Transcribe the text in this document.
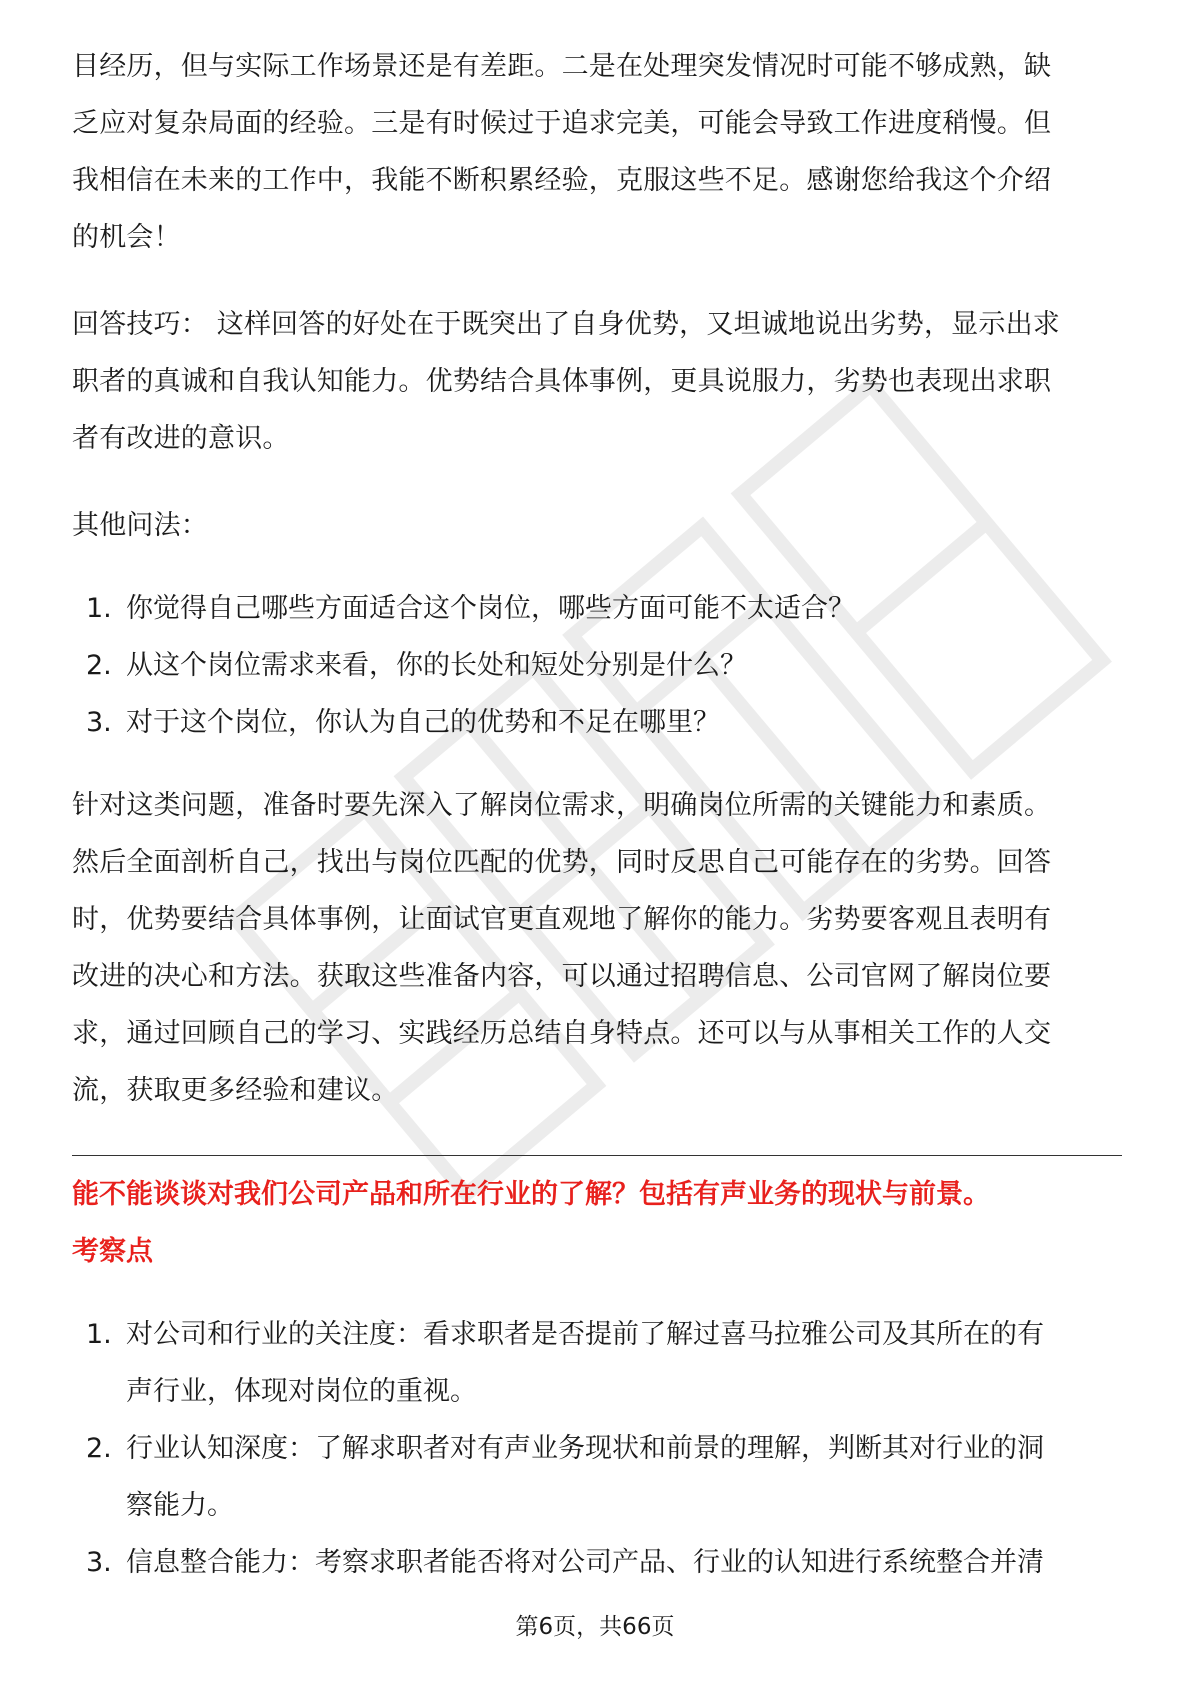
目经历，但与实际工作场景还是有差距。二是在处理突发情况时可能不够成熟，缺
乏应对复杂局面的经验。三是有时候过于追求完美，可能会导致工作进度稍慢。但
我相信在未来的工作中，我能不断积累经验，克服这些不足。感谢您给我这个介绍
的机会！

回答技巧： 这样回答的好处在于既突出了自身优势，又坦诚地说出劣势，显示出求
职者的真诚和自我认知能力。优势结合具体事例，更具说服力，劣势也表现出求职
者有改进的意识。

其他问法：

1. 你觉得自己哪些方面适合这个岗位，哪些方面可能不太适合？
2. 从这个岗位需求来看，你的长处和短处分别是什么？
3. 对于这个岗位，你认为自己的优势和不足在哪里？

针对这类问题，准备时要先深入了解岗位需求，明确岗位所需的关键能力和素质。
然后全面剖析自己，找出与岗位匹配的优势，同时反思自己可能存在的劣势。回答
时，优势要结合具体事例，让面试官更直观地了解你的能力。劣势要客观且表明有
改进的决心和方法。获取这些准备内容，可以通过招聘信息、公司官网了解岗位要
求，通过回顾自己的学习、实践经历总结自身特点。还可以与从事相关工作的人交
流，获取更多经验和建议。

能不能谈谈对我们公司产品和所在行业的了解？包括有声业务的现状与前景。

考察点

1. 对公司和行业的关注度：看求职者是否提前了解过喜马拉雅公司及其所在的有
声行业，体现对岗位的重视。
2. 行业认知深度：了解求职者对有声业务现状和前景的理解，判断其对行业的洞
察能力。
3. 信息整合能力：考察求职者能否将对公司产品、行业的认知进行系统整合并清
第6页，共66页
